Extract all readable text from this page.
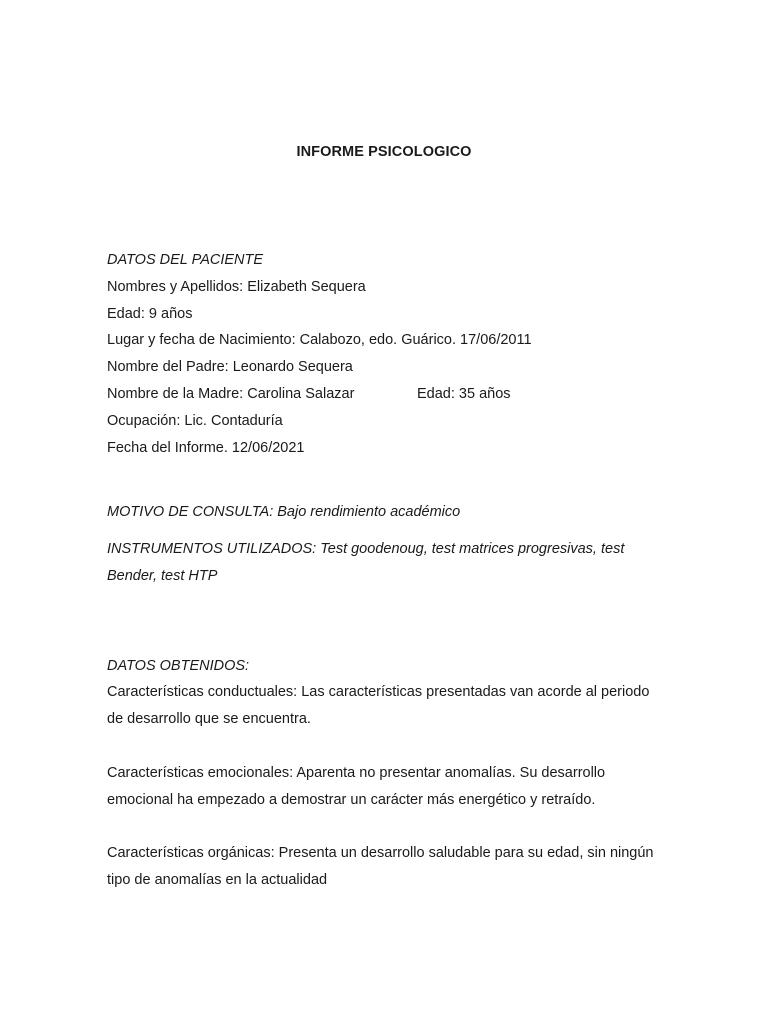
INFORME PSICOLOGICO
DATOS DEL PACIENTE
Nombres y Apellidos: Elizabeth Sequera
Edad: 9 años
Lugar y fecha de Nacimiento: Calabozo, edo. Guárico. 17/06/2011
Nombre del Padre: Leonardo Sequera
Nombre de la Madre: Carolina Salazar	Edad: 35 años
Ocupación: Lic. Contaduría
Fecha del Informe. 12/06/2021
MOTIVO DE CONSULTA: Bajo rendimiento académico
INSTRUMENTOS UTILIZADOS: Test goodenoug, test matrices progresivas, test Bender, test HTP
DATOS OBTENIDOS:
Características conductuales: Las características presentadas van acorde al periodo de desarrollo que se encuentra.
Características emocionales: Aparenta no presentar anomalías. Su desarrollo emocional ha empezado a demostrar un carácter más energético y retraído.
Características orgánicas: Presenta un desarrollo saludable para su edad, sin ningún tipo de anomalías en la actualidad
